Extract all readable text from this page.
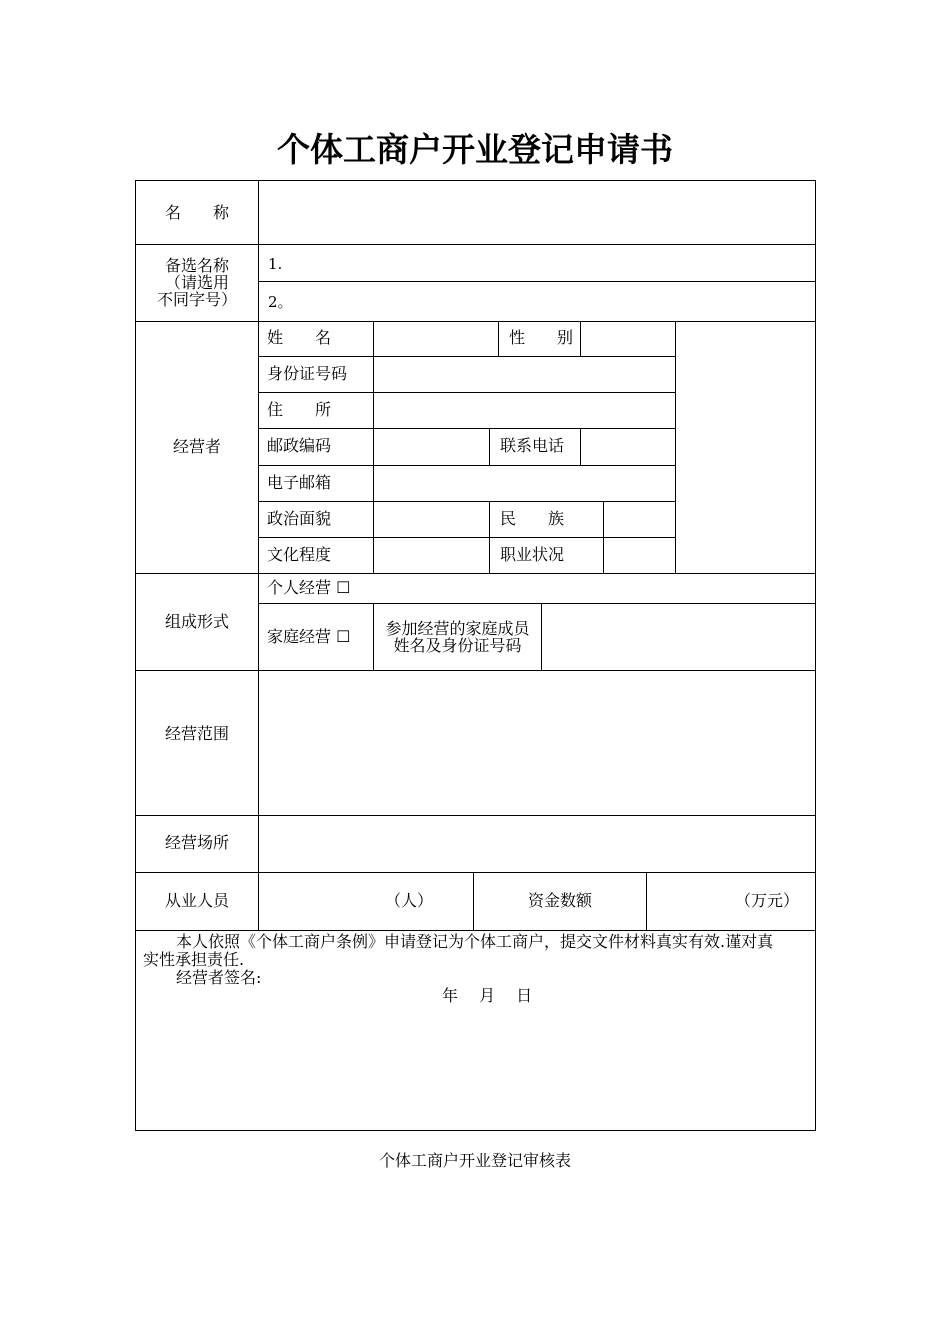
个体工商户开业登记申请书
名　　称
备选名称
（请选用
不同字号）
1.
2。
经营者
姓　　名	性　　别
身份证号码
住　　所
邮政编码	联系电话
电子邮箱
政治面貌	民　　族
文化程度	职业状况
组成形式
个人经营 ☐
家庭经营 ☐	参加经营的家庭成员
姓名及身份证号码
经营范围
经营场所
从业人员	（人）	资金数额	（万元）
本人依照《个体工商户条例》申请登记为个体工商户，提交文件材料真实有效.谨对真
实性承担责任.
经营者签名:
年　 月　 日
个体工商户开业登记审核表
